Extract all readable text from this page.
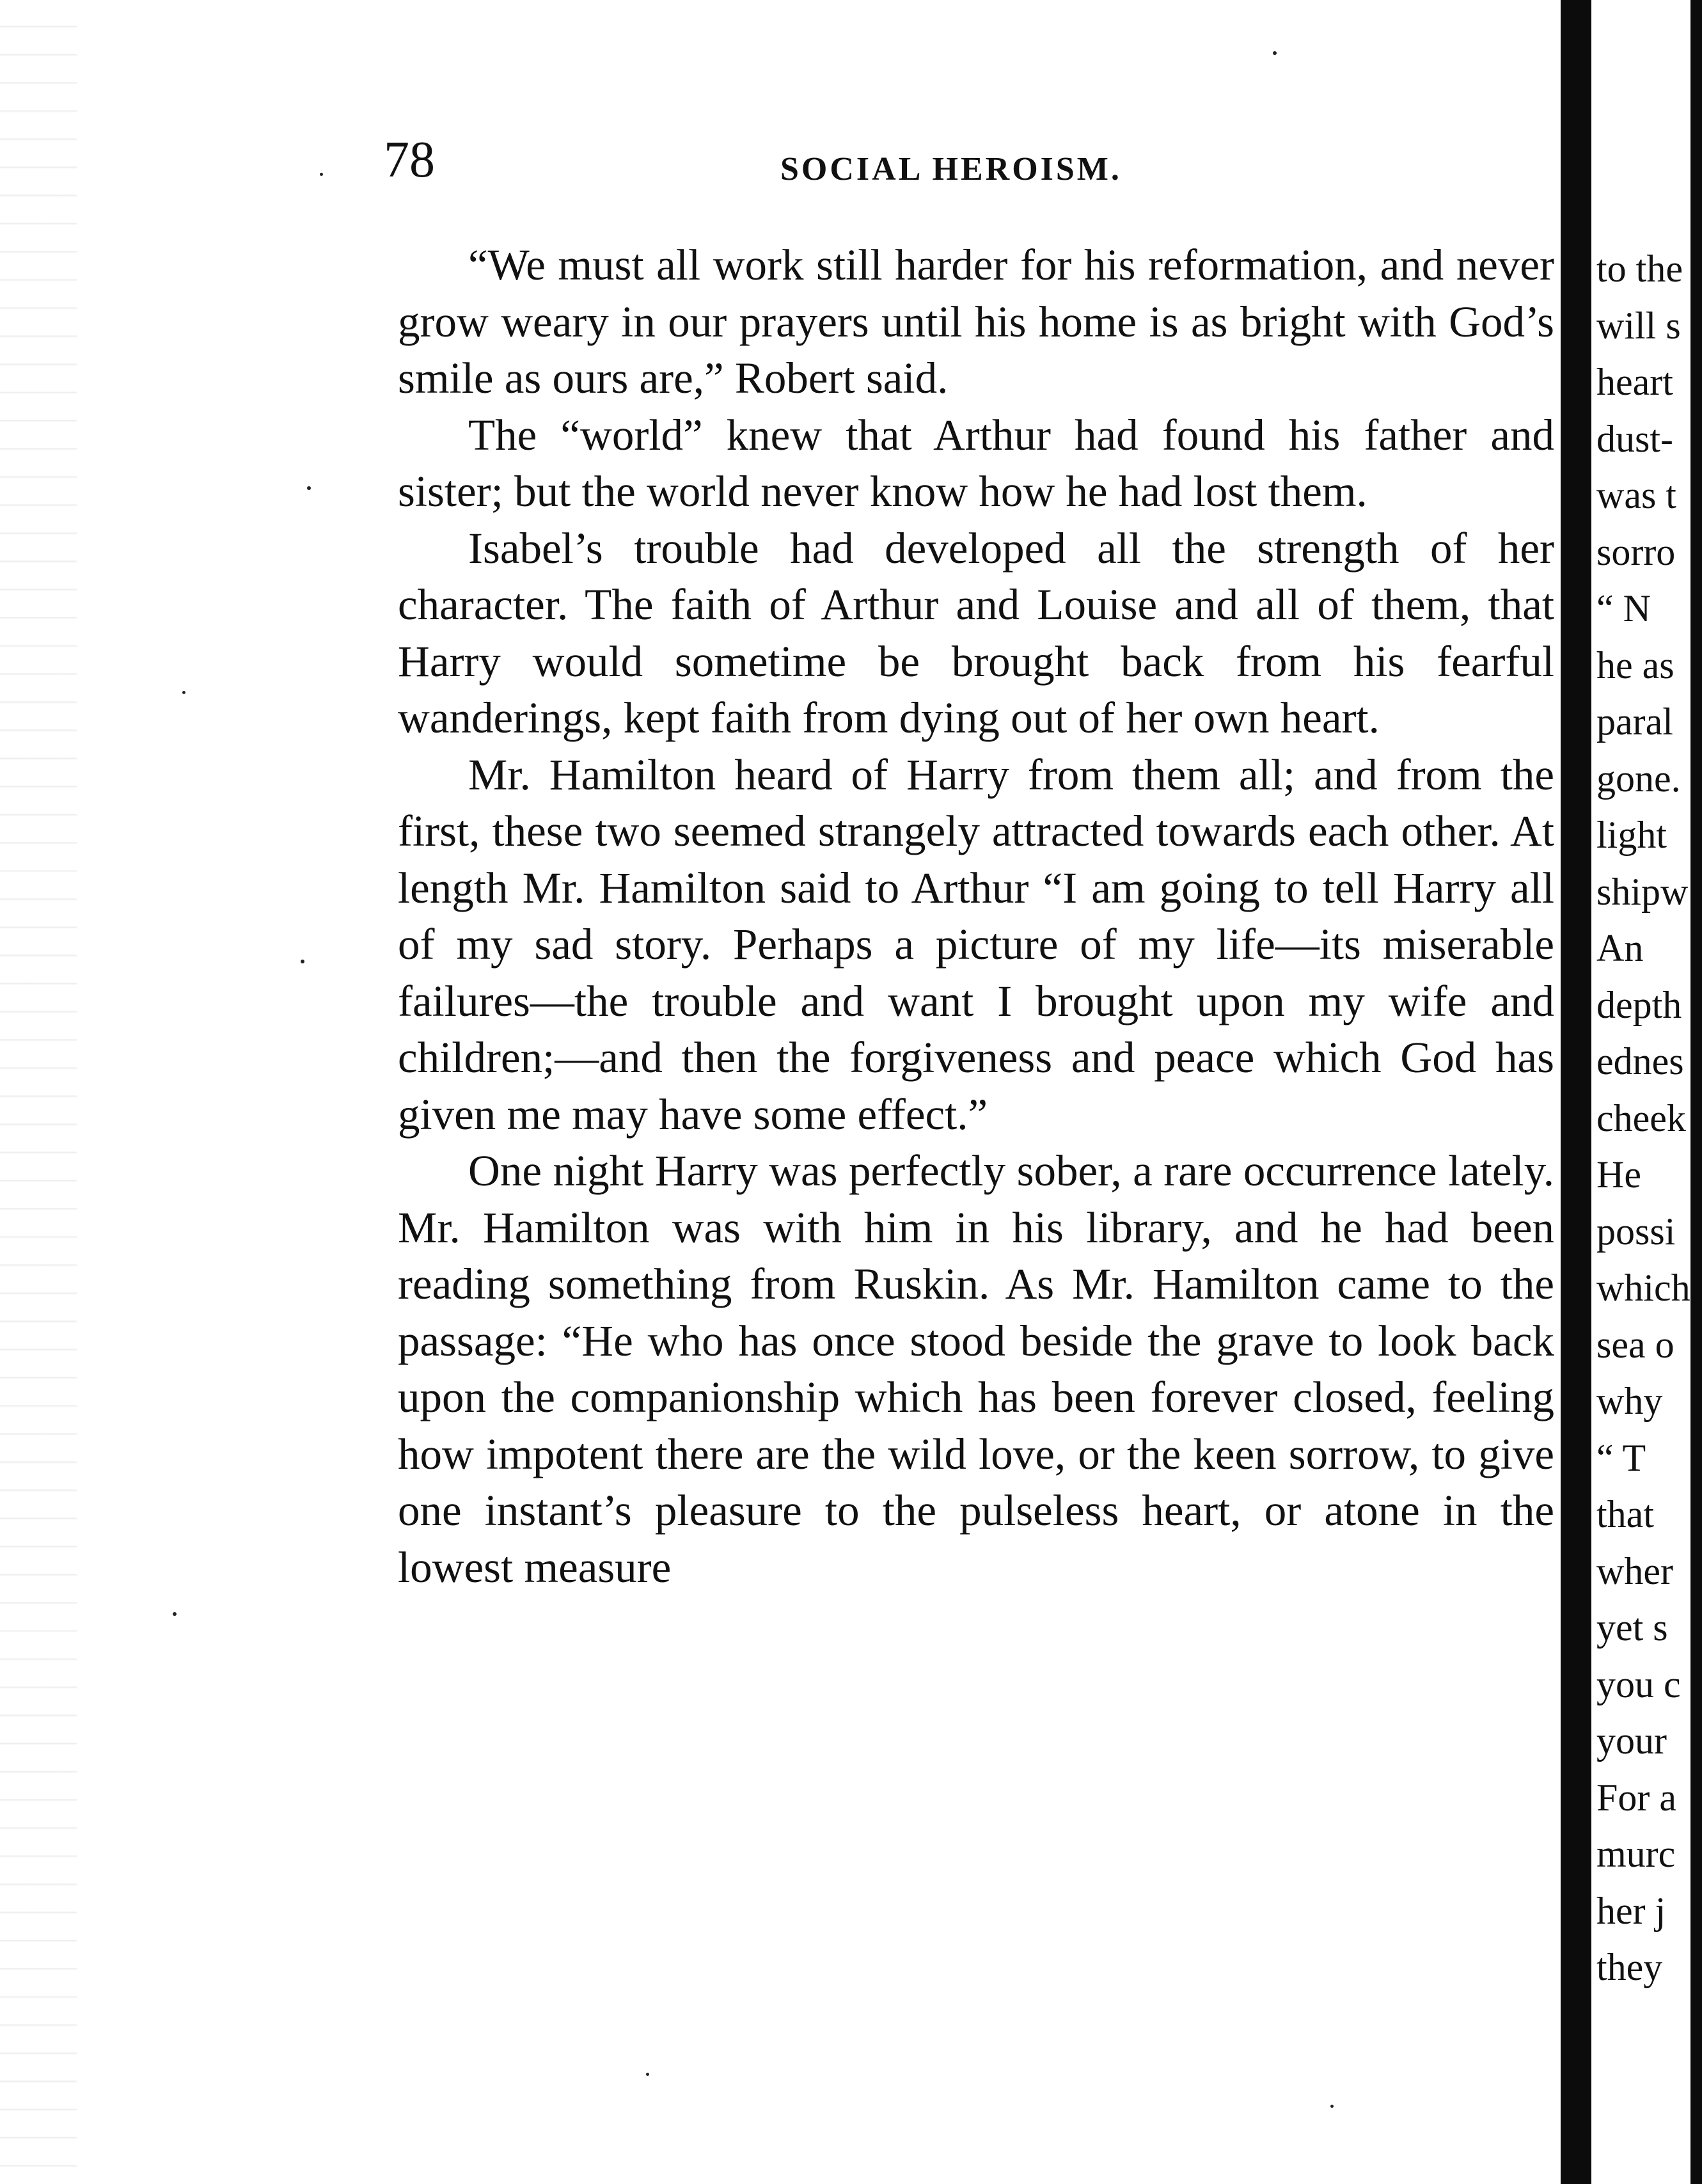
78	SOCIAL HEROISM.

“We must all work still harder for his reformation, and never grow weary in our prayers until his home is as bright with God’s smile as ours are,” Robert said.

The “world” knew that Arthur had found his father and sister; but the world never know how he had lost them.

Isabel’s trouble had developed all the strength of her character. The faith of Arthur and Louise and all of them, that Harry would sometime be brought back from his fearful wanderings, kept faith from dying out of her own heart.

Mr. Hamilton heard of Harry from them all; and from the first, these two seemed strangely attracted towards each other. At length Mr. Hamilton said to Arthur “I am going to tell Harry all of my sad story. Perhaps a picture of my life—its miserable failures—the trouble and want I brought upon my wife and children;—and then the forgiveness and peace which God has given me may have some effect.”

One night Harry was perfectly sober, a rare occurrence lately. Mr. Hamilton was with him in his library, and he had been reading something from Ruskin. As Mr. Hamilton came to the passage: “He who has once stood beside the grave to look back upon the companionship which has been forever closed, feeling how impotent there are the wild love, or the keen sorrow, to give one instant’s pleasure to the pulseless heart, or atone in the lowest measure

to the
will s
heart
dust-
was t
sorro
“ N
he as
paral
gone.
light
shipw
An
depth
ednes
cheek
He
possi
which
sea o
why
“ T
that
wher
yet s
you c
your
For a
murc
her j
they
